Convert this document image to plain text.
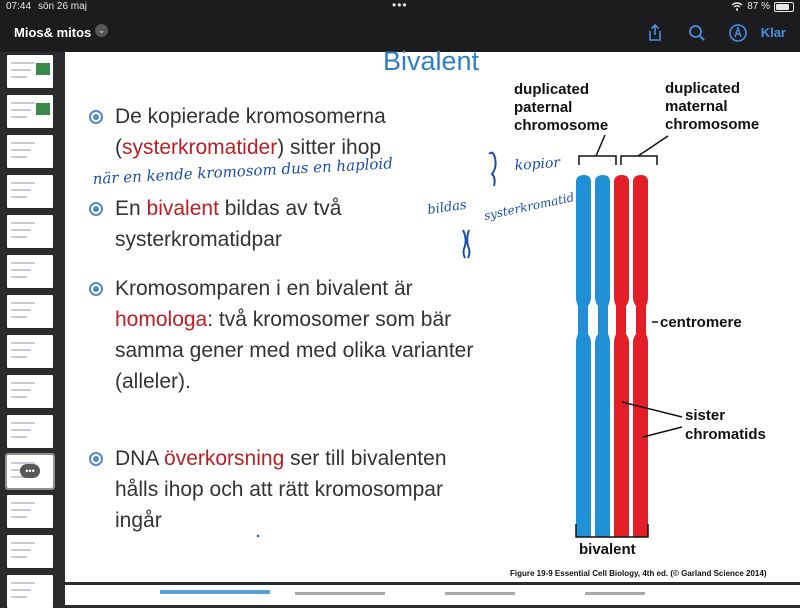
07:44 sön 26 maj	•••	87 %
Mios& mitos ⌄	Klar
•••
Bivalent
De kopierade kromosomerna
(systerkromatider) sitter ihop
En bivalent bildas av två
systerkromatidpar
Kromosomparen i en bivalent är
homologa: två kromosomer som bär
samma gener med med olika varianter
(alleler).
DNA överkorsning ser till bivalenten
hålls ihop och att rätt kromosompar
ingår
när en kende kromosom dus en haploid	kopior
bildas systerkromatid
duplicated
paternal
chromosome
duplicated
maternal
chromosome
centromere
sister
chromatids
bivalent
Figure 19-9 Essential Cell Biology, 4th ed. (© Garland Science 2014)
